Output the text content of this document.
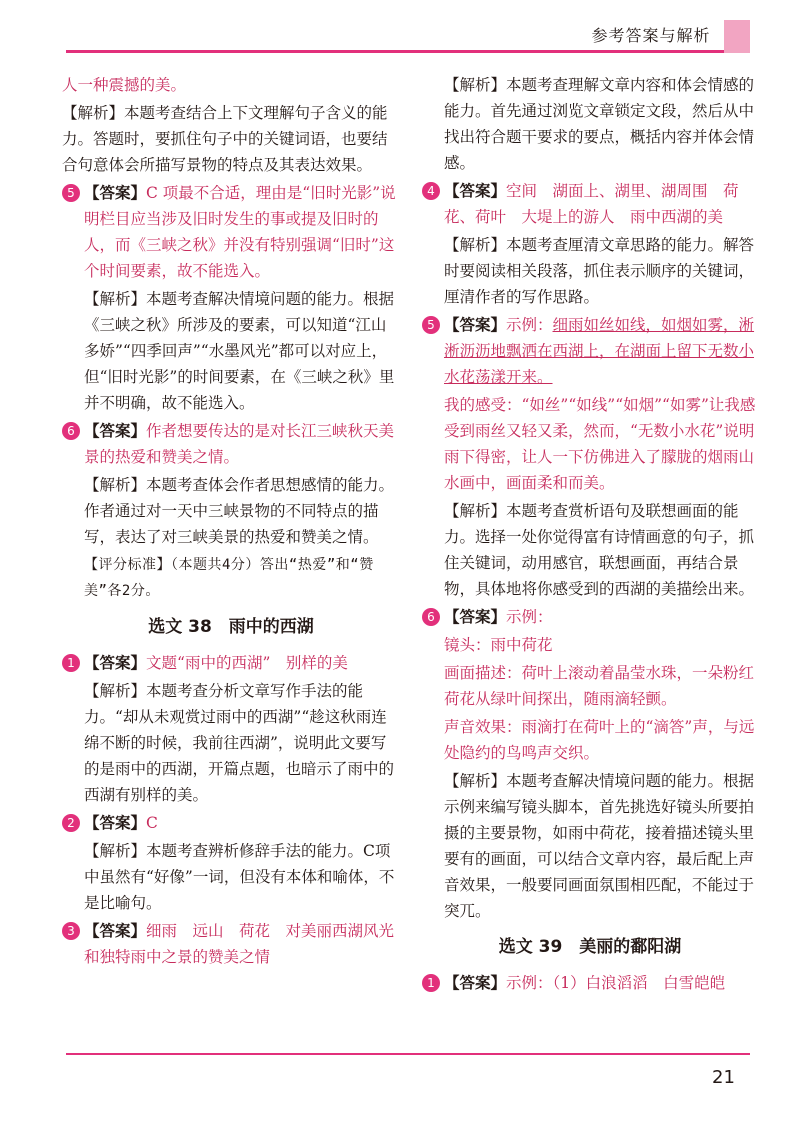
参考答案与解析
人一种震撼的美。
【解析】本题考查结合上下文理解句子含义的能力。答题时，要抓住句子中的关键词语，也要结合句意体会所描写景物的特点及其表达效果。
5 【答案】C 项最不合适，理由是“旧时光影”说明栏目应当涉及旧时发生的事或提及旧时的人，而《三峡之秋》并没有特别强调“旧时”这个时间要素，故不能选入。
【解析】本题考查解决情境问题的能力。根据《三峡之秋》所涉及的要素，可以知道“江山多娇”“四季回声”“水墨风光”都可以对应上，但“旧时光影”的时间要素，在《三峡之秋》里并不明确，故不能选入。
6 【答案】作者想要传达的是对长江三峡秋天美景的热爱和赞美之情。
【解析】本题考查体会作者思想感情的能力。作者通过对一天中三峡景物的不同特点的描写，表达了对三峡美景的热爱和赞美之情。
【评分标准】（本题共4分）答出“热爱”和“赞美”各2分。
选文 38　雨中的西湖
1 【答案】文题“雨中的西湖”　别样的美
【解析】本题考查分析文章写作手法的能力。“却从未观赏过雨中的西湖”“趁这秋雨连绵不断的时候，我前往西湖”，说明此文要写的是雨中的西湖，开篇点题，也暗示了雨中的西湖有别样的美。
2 【答案】C
【解析】本题考查辨析修辞手法的能力。C项中虽然有“好像”一词，但没有本体和喻体，不是比喻句。
3 【答案】细雨　远山　荷花　对美丽西湖风光和独特雨中之景的赞美之情
【解析】本题考查理解文章内容和体会情感的能力。首先通过浏览文章锁定文段，然后从中找出符合题干要求的要点，概括内容并体会情感。
4 【答案】空间　湖面上、湖里、湖周围　荷花、荷叶　大堤上的游人　雨中西湖的美
【解析】本题考查厘清文章思路的能力。解答时要阅读相关段落，抓住表示顺序的关键词，厘清作者的写作思路。
5 【答案】示例：细雨如丝如线，如烟如雾，淅淅沥沥地飘洒在西湖上，在湖面上留下无数小水花荡漾开来。
我的感受：“如丝”“如线”“如烟”“如雾”让我感受到雨丝又轻又柔，然而，“无数小水花”说明雨下得密，让人一下仿佛进入了朦胧的烟雨山水画中，画面柔和而美。
【解析】本题考查赏析语句及联想画面的能力。选择一处你觉得富有诗情画意的句子，抓住关键词，动用感官，联想画面，再结合景物，具体地将你感受到的西湖的美描绘出来。
6 【答案】示例：
镜头：雨中荷花
画面描述：荷叶上滚动着晶莹水珠，一朵粉红荷花从绿叶间探出，随雨滴轻颤。
声音效果：雨滴打在荷叶上的“滴答”声，与远处隐约的鸟鸣声交织。
【解析】本题考查解决情境问题的能力。根据示例来编写镜头脚本，首先挑选好镜头所要拍摄的主要景物，如雨中荷花，接着描述镜头里要有的画面，可以结合文章内容，最后配上声音效果，一般要同画面氛围相匹配，不能过于突兀。
选文 39　美丽的鄱阳湖
1 【答案】示例：（1）白浪滔滔　白雪皑皑
21
